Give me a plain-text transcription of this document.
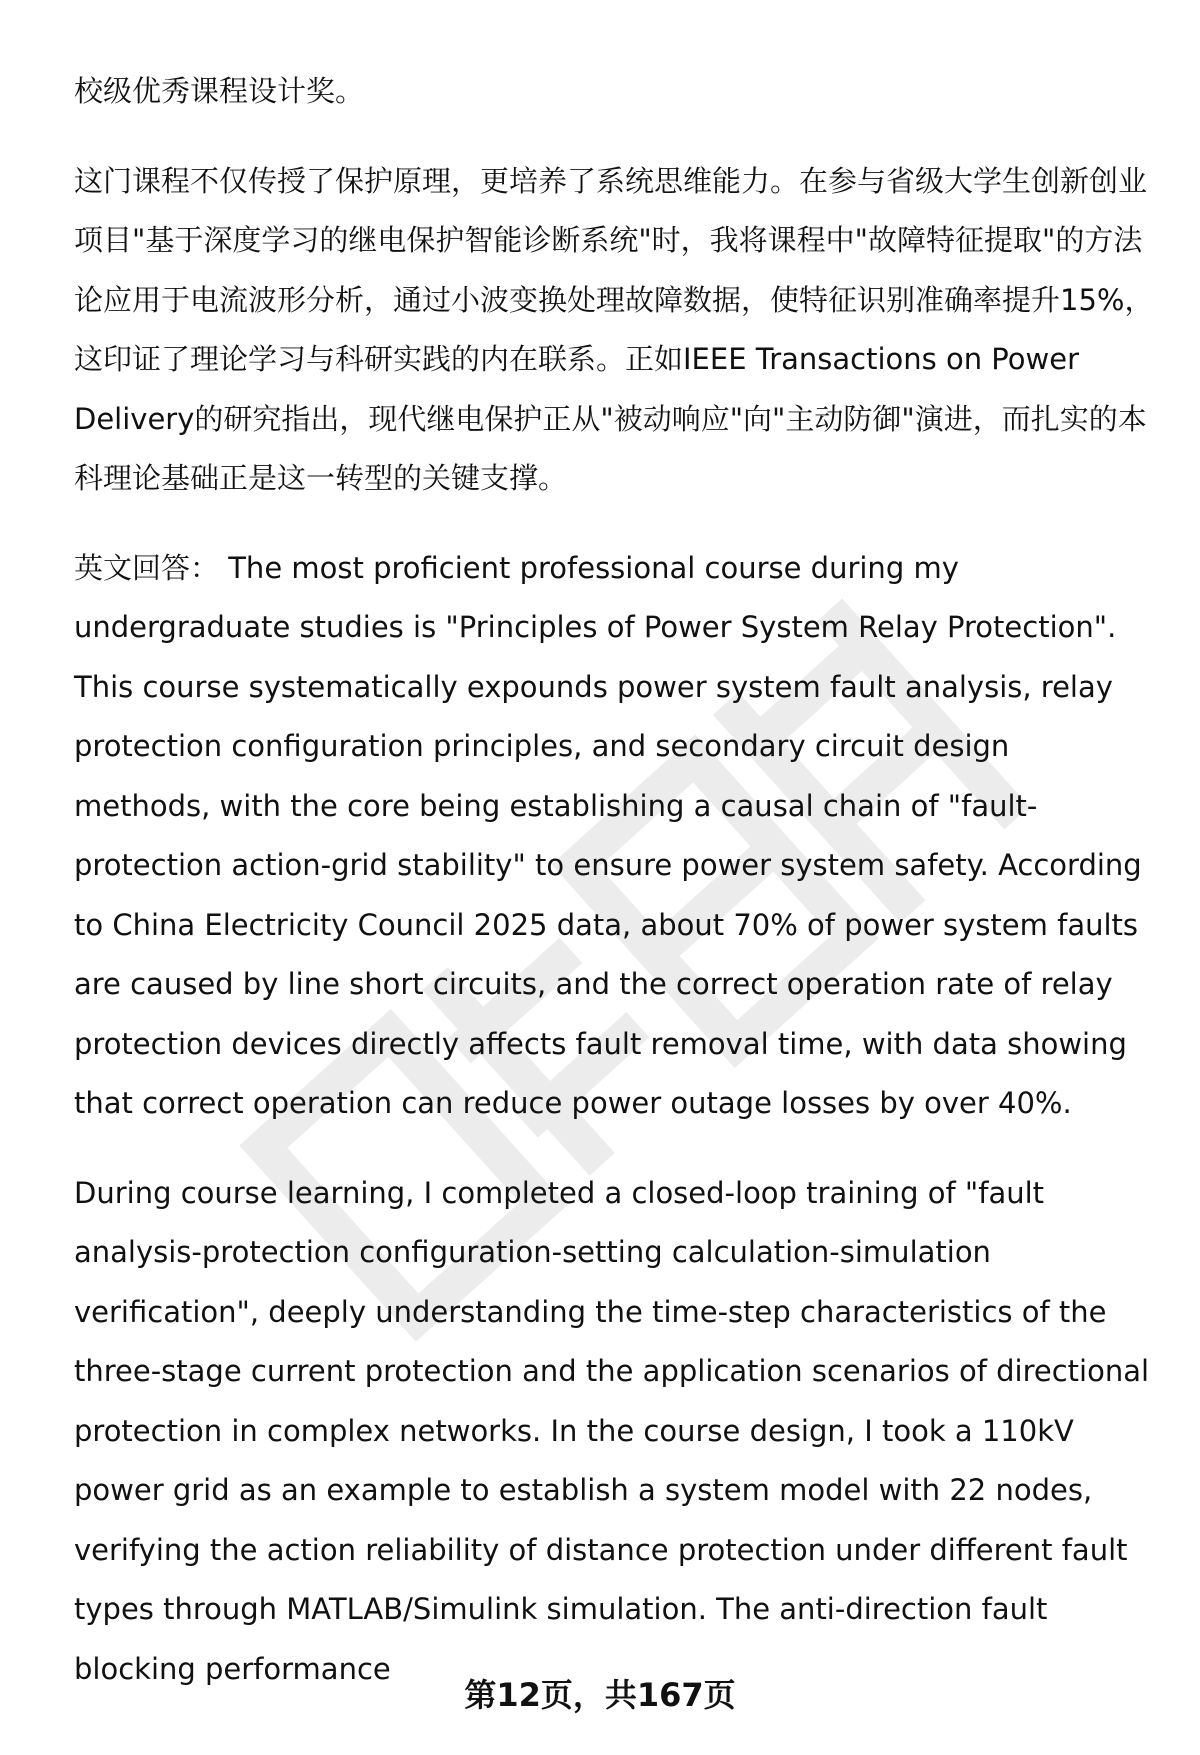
校级优秀课程设计奖。

这门课程不仅传授了保护原理，更培养了系统思维能力。在参与省级大学生创新创业项目"基于深度学习的继电保护智能诊断系统"时，我将课程中"故障特征提取"的方法论应用于电流波形分析，通过小波变换处理故障数据，使特征识别准确率提升15%，这印证了理论学习与科研实践的内在联系。正如IEEE Transactions on Power Delivery的研究指出，现代继电保护正从"被动响应"向"主动防御"演进，而扎实的本科理论基础正是这一转型的关键支撑。

英文回答： The most proficient professional course during my undergraduate studies is "Principles of Power System Relay Protection". This course systematically expounds power system fault analysis, relay protection configuration principles, and secondary circuit design methods, with the core being establishing a causal chain of "fault-protection action-grid stability" to ensure power system safety. According to China Electricity Council 2025 data, about 70% of power system faults are caused by line short circuits, and the correct operation rate of relay protection devices directly affects fault removal time, with data showing that correct operation can reduce power outage losses by over 40%.

During course learning, I completed a closed-loop training of "fault analysis-protection configuration-setting calculation-simulation verification", deeply understanding the time-step characteristics of the three-stage current protection and the application scenarios of directional protection in complex networks. In the course design, I took a 110kV power grid as an example to establish a system model with 22 nodes, verifying the action reliability of distance protection under different fault types through MATLAB/Simulink simulation. The anti-direction fault blocking performance

第12页，共167页
